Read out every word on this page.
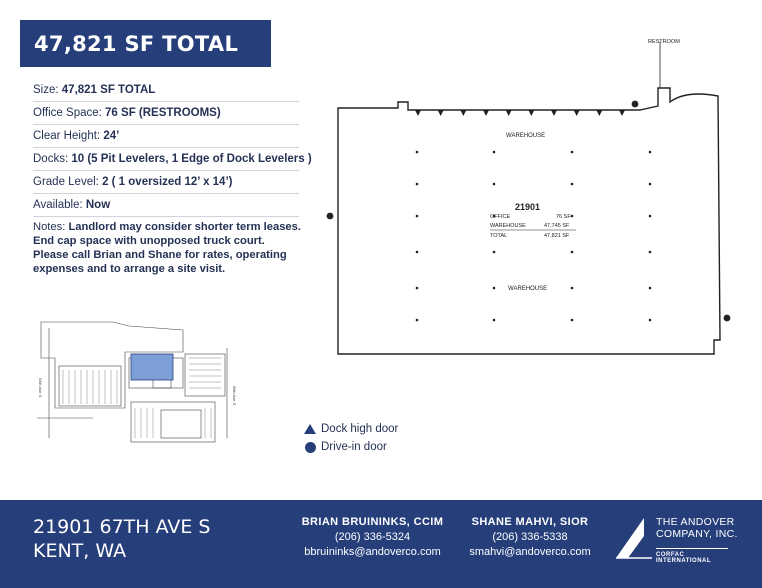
47,821 SF TOTAL
Size: 47,821 SF TOTAL
Office Space: 76 SF (RESTROOMS)
Clear Height: 24’
Docks: 10 (5 Pit Levelers, 1 Edge of Dock Levelers )
Grade Level: 2 ( 1 oversized 12’ x 14’)
Available: Now
Notes: Landlord may consider shorter term leases. End cap space with unopposed truck court. Please call Brian and Shane for rates, operating expenses and to arrange a site visit.
64th Ave S	68th Ave S
RESTROOM
WAREHOUSE
WAREHOUSE
21901
OFFICE	76 SF
WAREHOUSE	47,745 SF
TOTAL	47,821 SF
Dock high door
Drive-in door
21901 67TH AVE S
KENT, WA
BRIAN BRUININKS, CCIM
(206) 336-5324
bbruininks@andoverco.com
SHANE MAHVI, SIOR
(206) 336-5338
smahvi@andoverco.com
THE ANDOVER
COMPANY, INC.
CORFAC INTERNATIONAL
